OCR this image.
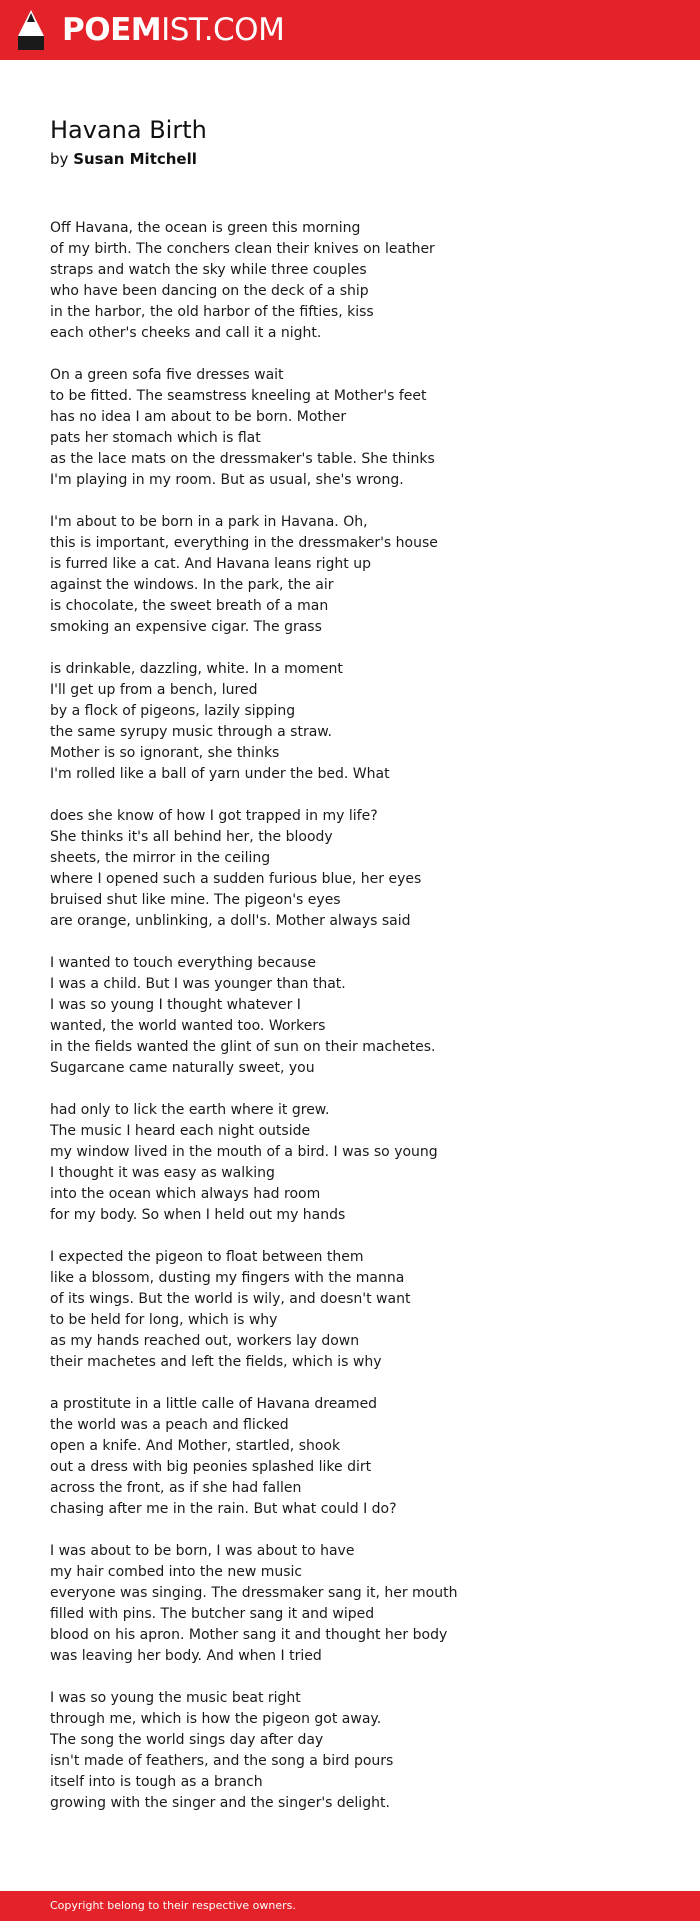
POEMIST.COM
Havana Birth
by Susan Mitchell
Off Havana, the ocean is green this morning
of my birth. The conchers clean their knives on leather
straps and watch the sky while three couples
who have been dancing on the deck of a ship
in the harbor, the old harbor of the fifties, kiss
each other's cheeks and call it a night.
On a green sofa five dresses wait
to be fitted. The seamstress kneeling at Mother's feet
has no idea I am about to be born. Mother
pats her stomach which is flat
as the lace mats on the dressmaker's table. She thinks
I'm playing in my room. But as usual, she's wrong.
I'm about to be born in a park in Havana. Oh,
this is important, everything in the dressmaker's house
is furred like a cat. And Havana leans right up
against the windows. In the park, the air
is chocolate, the sweet breath of a man
smoking an expensive cigar. The grass
is drinkable, dazzling, white. In a moment
I'll get up from a bench, lured
by a flock of pigeons, lazily sipping
the same syrupy music through a straw.
Mother is so ignorant, she thinks
I'm rolled like a ball of yarn under the bed. What
does she know of how I got trapped in my life?
She thinks it's all behind her, the bloody
sheets, the mirror in the ceiling
where I opened such a sudden furious blue, her eyes
bruised shut like mine. The pigeon's eyes
are orange, unblinking, a doll's. Mother always said
I wanted to touch everything because
I was a child. But I was younger than that.
I was so young I thought whatever I
wanted, the world wanted too. Workers
in the fields wanted the glint of sun on their machetes.
Sugarcane came naturally sweet, you
had only to lick the earth where it grew.
The music I heard each night outside
my window lived in the mouth of a bird. I was so young
I thought it was easy as walking
into the ocean which always had room
for my body. So when I held out my hands
I expected the pigeon to float between them
like a blossom, dusting my fingers with the manna
of its wings. But the world is wily, and doesn't want
to be held for long, which is why
as my hands reached out, workers lay down
their machetes and left the fields, which is why
a prostitute in a little calle of Havana dreamed
the world was a peach and flicked
open a knife. And Mother, startled, shook
out a dress with big peonies splashed like dirt
across the front, as if she had fallen
chasing after me in the rain. But what could I do?
I was about to be born, I was about to have
my hair combed into the new music
everyone was singing. The dressmaker sang it, her mouth
filled with pins. The butcher sang it and wiped
blood on his apron. Mother sang it and thought her body
was leaving her body. And when I tried
I was so young the music beat right
through me, which is how the pigeon got away.
The song the world sings day after day
isn't made of feathers, and the song a bird pours
itself into is tough as a branch
growing with the singer and the singer's delight.
Copyright belong to their respective owners.
